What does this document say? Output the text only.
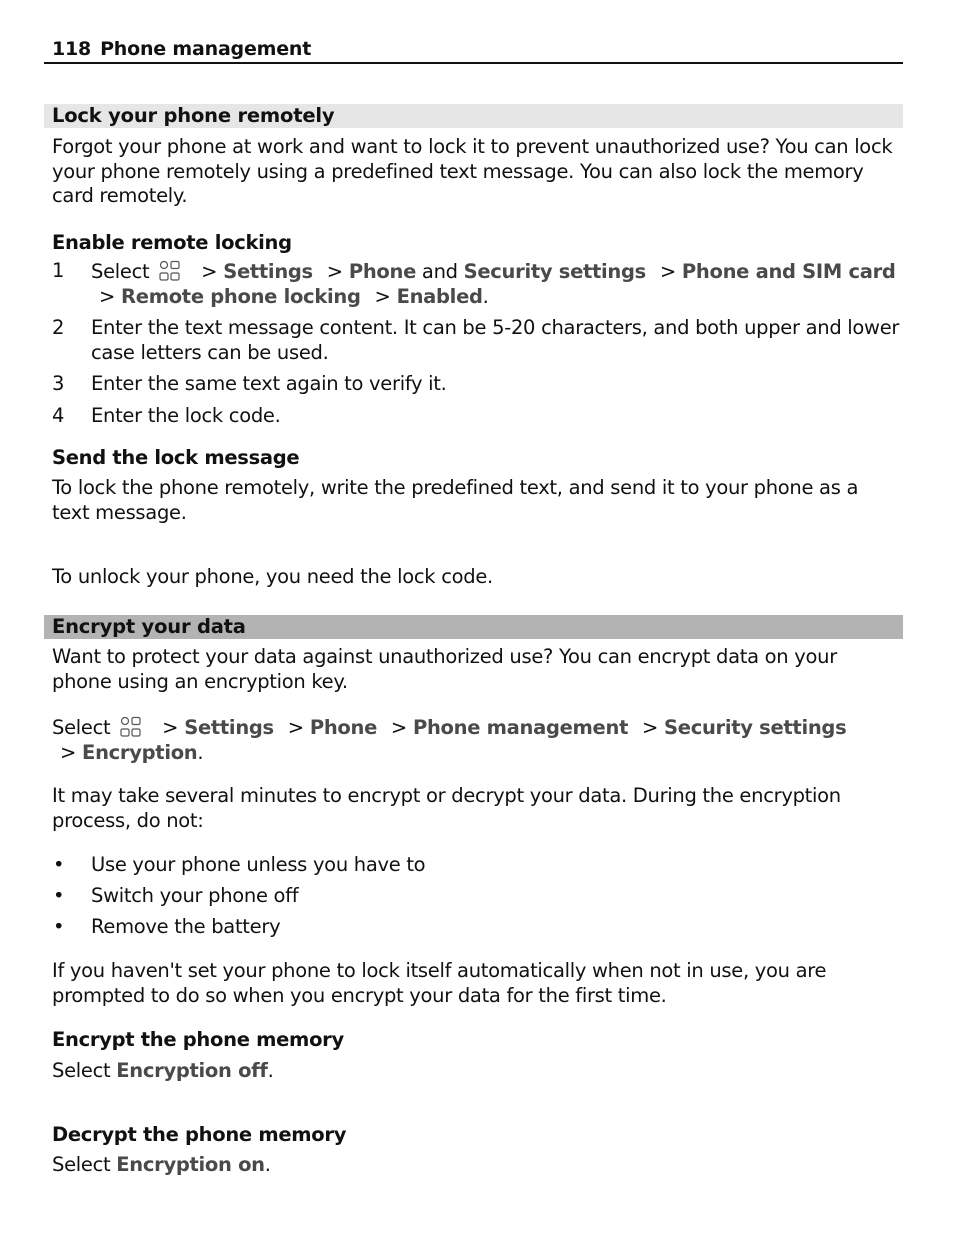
118 Phone management
Lock your phone remotely
Forgot your phone at work and want to lock it to prevent unauthorized use? You can lock your phone remotely using a predefined text message. You can also lock the memory card remotely.
Enable remote locking
1 Select	> Settings > Phone and Security settings > Phone and SIM card > Remote phone locking > Enabled.
2 Enter the text message content. It can be 5-20 characters, and both upper and lower case letters can be used.
3 Enter the same text again to verify it.
4 Enter the lock code.
Send the lock message
To lock the phone remotely, write the predefined text, and send it to your phone as a text message.
To unlock your phone, you need the lock code.
Encrypt your data
Want to protect your data against unauthorized use? You can encrypt data on your phone using an encryption key.
Select	> Settings > Phone > Phone management > Security settings > Encryption.
It may take several minutes to encrypt or decrypt your data. During the encryption process, do not:
• Use your phone unless you have to
• Switch your phone off
• Remove the battery
If you haven't set your phone to lock itself automatically when not in use, you are prompted to do so when you encrypt your data for the first time.
Encrypt the phone memory
Select Encryption off.
Decrypt the phone memory
Select Encryption on.
